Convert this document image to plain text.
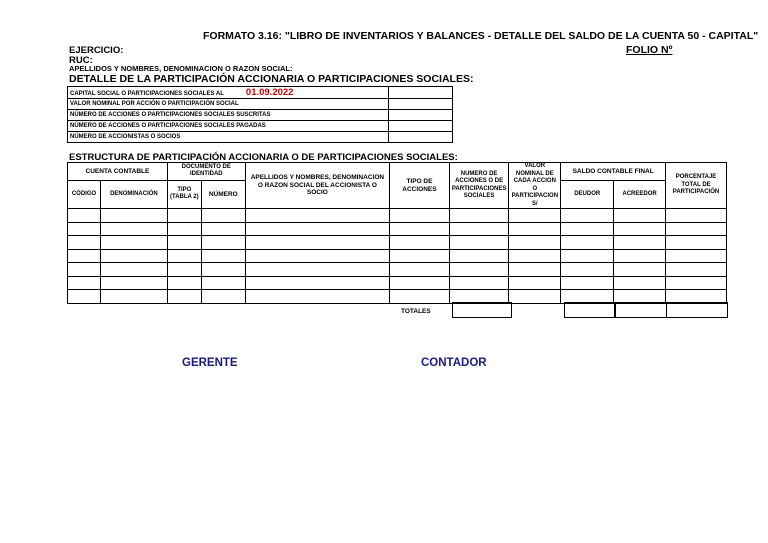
FORMATO 3.16: "LIBRO DE INVENTARIOS Y BALANCES - DETALLE DEL SALDO DE LA CUENTA 50 - CAPITAL"
FOLIO Nº
EJERCICIO:
RUC:
APELLIDOS Y NOMBRES, DENOMINACION O RAZON SOCIAL:
DETALLE DE LA PARTICIPACIÓN ACCIONARIA O PARTICIPACIONES SOCIALES:
CAPITAL SOCIAL O PARTICIPACIONES SOCIALES AL 01.09.2022	
VALOR NOMINAL POR ACCIÓN O PARTICIPACIÓN SOCIAL	
NÚMERO DE ACCIONES O PARTICIPACIONES SOCIALES SUSCRITAS	
NÚMERO DE ACCIONES O PARTICIPACIONES SOCIALES PAGADAS	
NÚMERO DE ACCIONISTAS O SOCIOS	
ESTRUCTURA DE PARTICIPACIÓN ACCIONARIA O DE PARTICIPACIONES SOCIALES:
CUENTA CONTABLE		DOCUMENTO DE IDENTIDAD		APELLIDOS Y NOMBRES, DENOMINACION O RAZON SOCIAL DEL ACCIONISTA O SOCIO	TIPO DE ACCIONES	NUMERO DE ACCIONES O DE PARTICIPACIONES SOCIALES	VALOR NOMINAL DE CADA ACCION O PARTICIPACION S/	SALDO CONTABLE FINAL		PORCENTAJE TOTAL DE PARTICIPACIÓN
CÓDIGO	DENOMINACIÓN	TIPO (TABLA 2)	NÚMERO					DEUDOR	ACREEDOR	

TOTALES
GERENTE	CONTADOR
